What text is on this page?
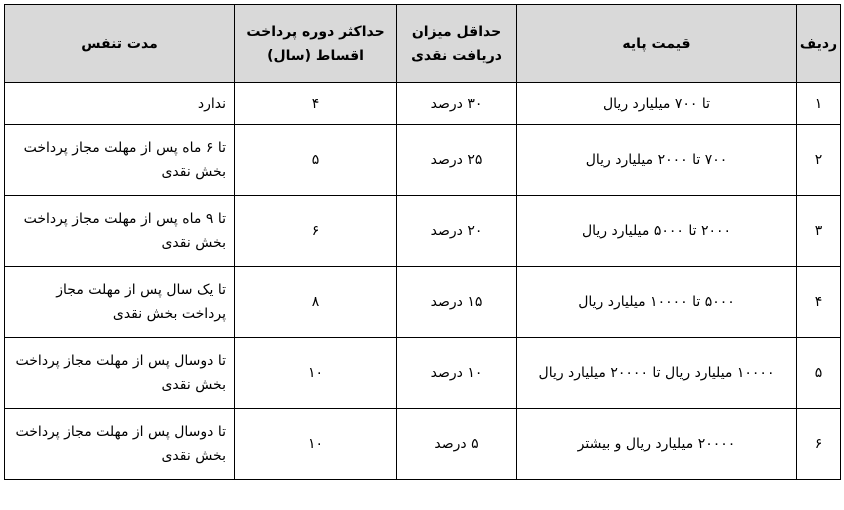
ردیف	قیمت پایه	حداقل میزان دریافت نقدی	حداکثر دوره پرداخت اقساط (سال)	مدت تنفس
۱	تا ۷۰۰ میلیارد ریال	۳۰ درصد	۴	ندارد
۲	۷۰۰ تا ۲۰۰۰ میلیارد ریال	۲۵ درصد	۵	تا ۶ ماه پس از مهلت مجاز پرداخت بخش نقدی
۳	۲۰۰۰ تا ۵۰۰۰ میلیارد ریال	۲۰ درصد	۶	تا ۹ ماه پس از مهلت مجاز پرداخت بخش نقدی
۴	۵۰۰۰ تا ۱۰۰۰۰ میلیارد ریال	۱۵ درصد	۸	تا یک سال پس از مهلت مجاز پرداخت بخش نقدی
۵	۱۰۰۰۰ میلیارد ریال تا ۲۰۰۰۰ میلیارد ریال	۱۰ درصد	۱۰	تا دوسال پس از مهلت مجاز پرداخت بخش نقدی
۶	۲۰۰۰۰ میلیارد ریال و بیشتر	۵ درصد	۱۰	تا دوسال پس از مهلت مجاز پرداخت بخش نقدی
